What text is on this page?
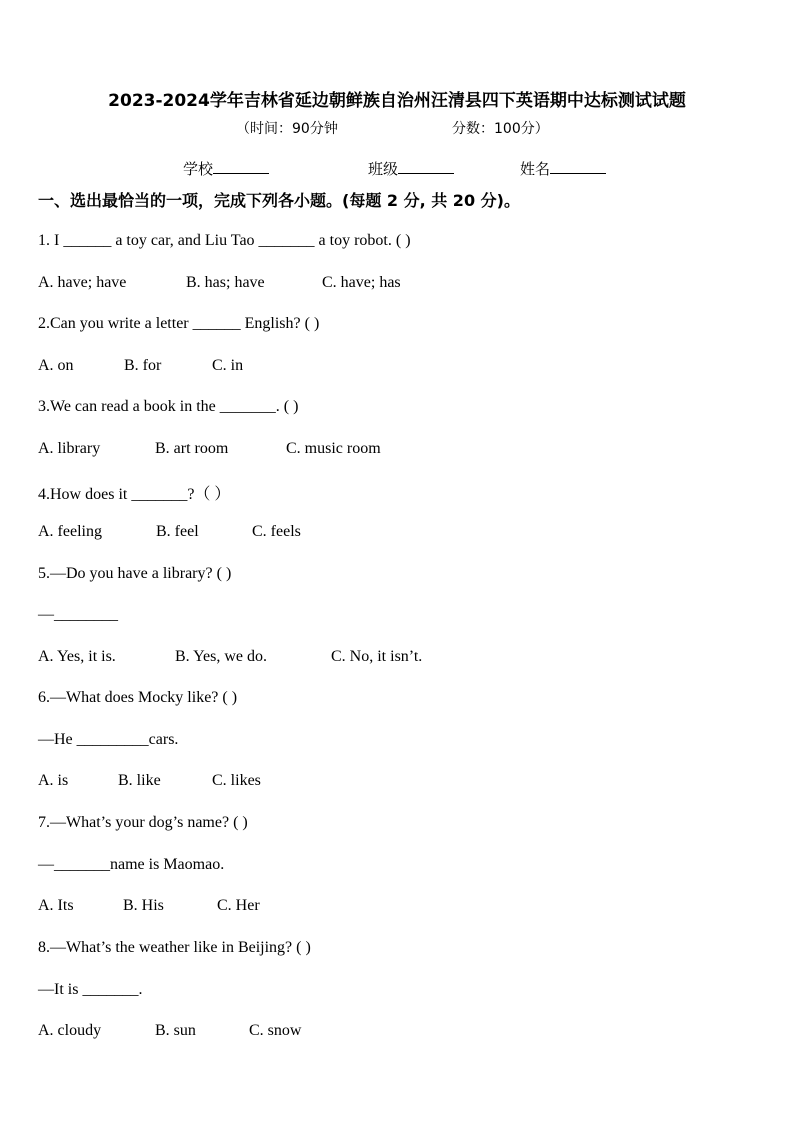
2023-2024学年吉林省延边朝鲜族自治州汪清县四下英语期中达标测试试题
（时间：90分钟	分数：100分）
学校	班级	姓名
一、选出最恰当的一项，完成下列各小题。(每题 2 分, 共 20 分)。
1. I ______ a toy car, and Liu Tao _______ a toy robot. ( )
A. have; have	B. has; have	C. have; has
2.Can you write a letter ______ English? ( )
A. on	B. for	C. in
3.We can read a book in the _______. ( )
A. library	B. art room	C. music room
4.How does it _______?（ ）
A. feeling	B. feel	C. feels
5.—Do you have a library? ( )
—________
A. Yes, it is.	B. Yes, we do.	C. No, it isn’t.
6.—What does Mocky like? ( )
—He _________cars.
A. is	B. like	C. likes
7.—What’s your dog’s name? ( )
—_______name is Maomao.
A. Its	B. His	C. Her
8.—What’s the weather like in Beijing? ( )
—It is _______.
A. cloudy	B. sun	C. snow
